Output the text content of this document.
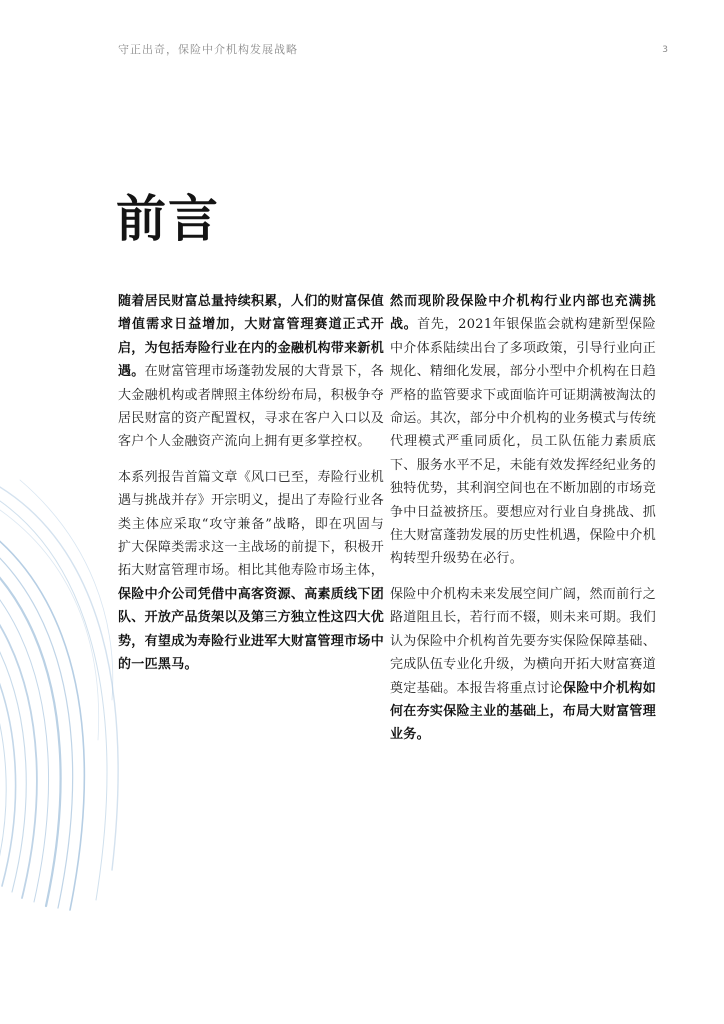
守正出奇，保险中介机构发展战略	3
前言

随着居民财富总量持续积累，人们的财富保值增值需求日益增加，大财富管理赛道正式开启，为包括寿险行业在内的金融机构带来新机遇。在财富管理市场蓬勃发展的大背景下，各大金融机构或者牌照主体纷纷布局，积极争夺居民财富的资产配置权，寻求在客户入口以及客户个人金融资产流向上拥有更多掌控权。

本系列报告首篇文章《风口已至，寿险行业机遇与挑战并存》开宗明义，提出了寿险行业各类主体应采取“攻守兼备”战略，即在巩固与扩大保障类需求这一主战场的前提下，积极开拓大财富管理市场。相比其他寿险市场主体，保险中介公司凭借中高客资源、高素质线下团队、开放产品货架以及第三方独立性这四大优势，有望成为寿险行业进军大财富管理市场中的一匹黑马。

然而现阶段保险中介机构行业内部也充满挑战。首先，2021年银保监会就构建新型保险中介体系陆续出台了多项政策，引导行业向正规化、精细化发展，部分小型中介机构在日趋严格的监管要求下或面临许可证期满被淘汰的命运。其次，部分中介机构的业务模式与传统代理模式严重同质化，员工队伍能力素质底下、服务水平不足，未能有效发挥经纪业务的独特优势，其利润空间也在不断加剧的市场竞争中日益被挤压。要想应对行业自身挑战、抓住大财富蓬勃发展的历史性机遇，保险中介机构转型升级势在必行。

保险中介机构未来发展空间广阔，然而前行之路道阻且长，若行而不辍，则未来可期。我们认为保险中介机构首先要夯实保险保障基础、完成队伍专业化升级，为横向开拓大财富赛道奠定基础。本报告将重点讨论保险中介机构如何在夯实保险主业的基础上，布局大财富管理业务。
